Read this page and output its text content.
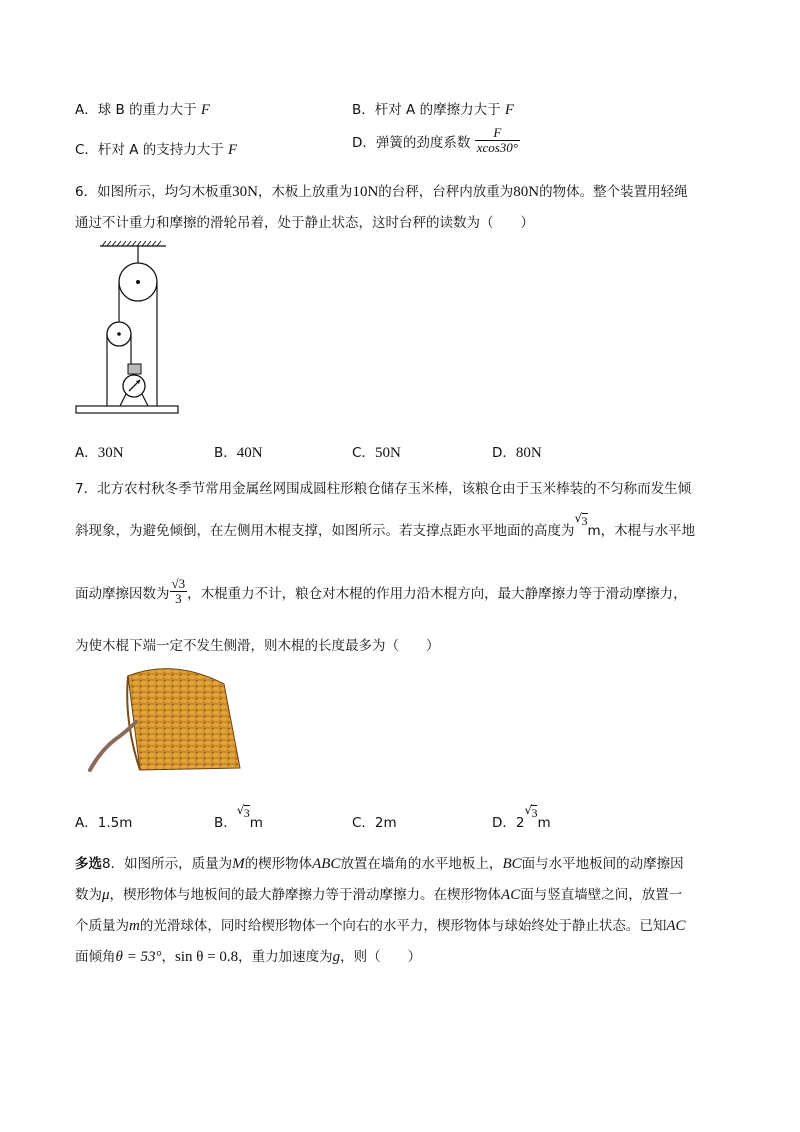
A．球 B 的重力大于 F	B．杆对 A 的摩擦力大于 F
C．杆对 A 的支持力大于 F	D．弹簧的劲度系数 $\frac{F}{xcos30^\circ}$
6．如图所示，均匀木板重30N，木板上放重为10N的台秤，台秤内放重为80N的物体。整个装置用轻绳
通过不计重力和摩擦的滑轮吊着，处于静止状态，这时台秤的读数为（　　）
A．30N	B．40N	C．50N	D．80N
7．北方农村秋冬季节常用金属丝网围成圆柱形粮仓储存玉米棒，该粮仓由于玉米棒装的不匀称而发生倾
斜现象，为避免倾倒，在左侧用木棍支撑，如图所示。若支撑点距水平地面的高度为
√ 3m，木棍与水平地
面动摩擦因数为 $\frac{√3}{3}$ ，木棍重力不计，粮仓对木棍的作用力沿木棍方向，最大静摩擦力等于滑动摩擦力，
为使木棍下端一定不发生侧滑，则木棍的长度最多为（　　）
A．1.5m	B．
√ 3m	C．2m	D．2
√ 3m
多选8．如图所示，质量为M的楔形物体ABC放置在墙角的水平地板上，BC面与水平地板间的动摩擦因
数为μ，楔形物体与地板间的最大静摩擦力等于滑动摩擦力。在楔形物体AC面与竖直墙壁之间，放置一
个质量为m的光滑球体，同时给楔形物体一个向右的水平力，楔形物体与球始终处于静止状态。已知AC
面倾角θ = 53°，sin θ = 0.8，重力加速度为g，则（　　）
